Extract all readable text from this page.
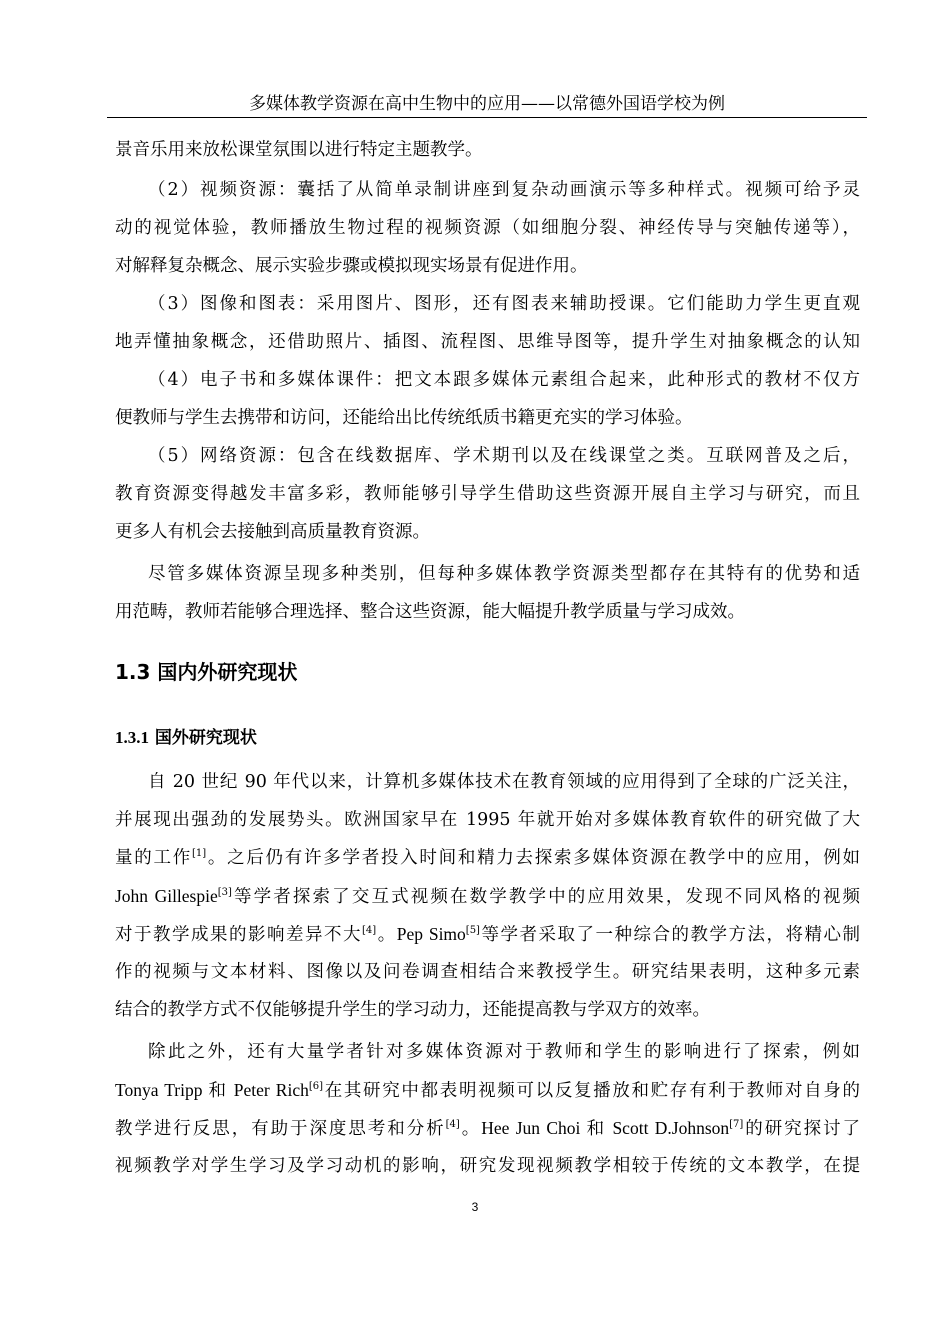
多媒体教学资源在高中生物中的应用——以常德外国语学校为例
景音乐用来放松课堂氛围以进行特定主题教学。
（2）视频资源：囊括了从简单录制讲座到复杂动画演示等多种样式。视频可给予灵
动的视觉体验，教师播放生物过程的视频资源（如细胞分裂、神经传导与突触传递等），
对解释复杂概念、展示实验步骤或模拟现实场景有促进作用。
（3）图像和图表：采用图片、图形，还有图表来辅助授课。它们能助力学生更直观
地弄懂抽象概念，还借助照片、插图、流程图、思维导图等，提升学生对抽象概念的认知
（4）电子书和多媒体课件：把文本跟多媒体元素组合起来，此种形式的教材不仅方
便教师与学生去携带和访问，还能给出比传统纸质书籍更充实的学习体验。
（5）网络资源：包含在线数据库、学术期刊以及在线课堂之类。互联网普及之后，
教育资源变得越发丰富多彩，教师能够引导学生借助这些资源开展自主学习与研究，而且
更多人有机会去接触到高质量教育资源。
尽管多媒体资源呈现多种类别，但每种多媒体教学资源类型都存在其特有的优势和适
用范畴，教师若能够合理选择、整合这些资源，能大幅提升教学质量与学习成效。
1.3 国内外研究现状
1.3.1 国外研究现状
自 20 世纪 90 年代以来，计算机多媒体技术在教育领域的应用得到了全球的广泛关注，
并展现出强劲的发展势头。欧洲国家早在 1995 年就开始对多媒体教育软件的研究做了大
量的工作[1]。之后仍有许多学者投入时间和精力去探索多媒体资源在教学中的应用，例如
John Gillespie[3]等学者探索了交互式视频在数学教学中的应用效果，发现不同风格的视频
对于教学成果的影响差异不大[4]。Pep Simo[5]等学者采取了一种综合的教学方法，将精心制
作的视频与文本材料、图像以及问卷调查相结合来教授学生。研究结果表明，这种多元素
结合的教学方式不仅能够提升学生的学习动力，还能提高教与学双方的效率。
除此之外，还有大量学者针对多媒体资源对于教师和学生的影响进行了探索，例如
Tonya Tripp 和 Peter Rich[6]在其研究中都表明视频可以反复播放和贮存有利于教师对自身的
教学进行反思，有助于深度思考和分析[4]。Hee Jun Choi 和 Scott D.Johnson[7]的研究探讨了
视频教学对学生学习及学习动机的影响，研究发现视频教学相较于传统的文本教学，在提
3
